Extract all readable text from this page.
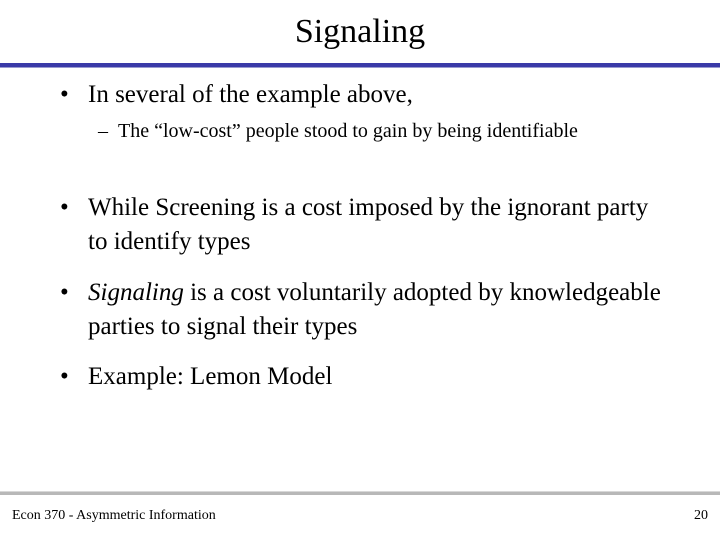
Signaling
• In several of the example above,
– The “low-cost” people stood to gain by being identifiable
• While Screening is a cost imposed by the ignorant party to identify types
• Signaling is a cost voluntarily adopted by knowledgeable parties to signal their types
• Example: Lemon Model
Econ 370 - Asymmetric Information	20
